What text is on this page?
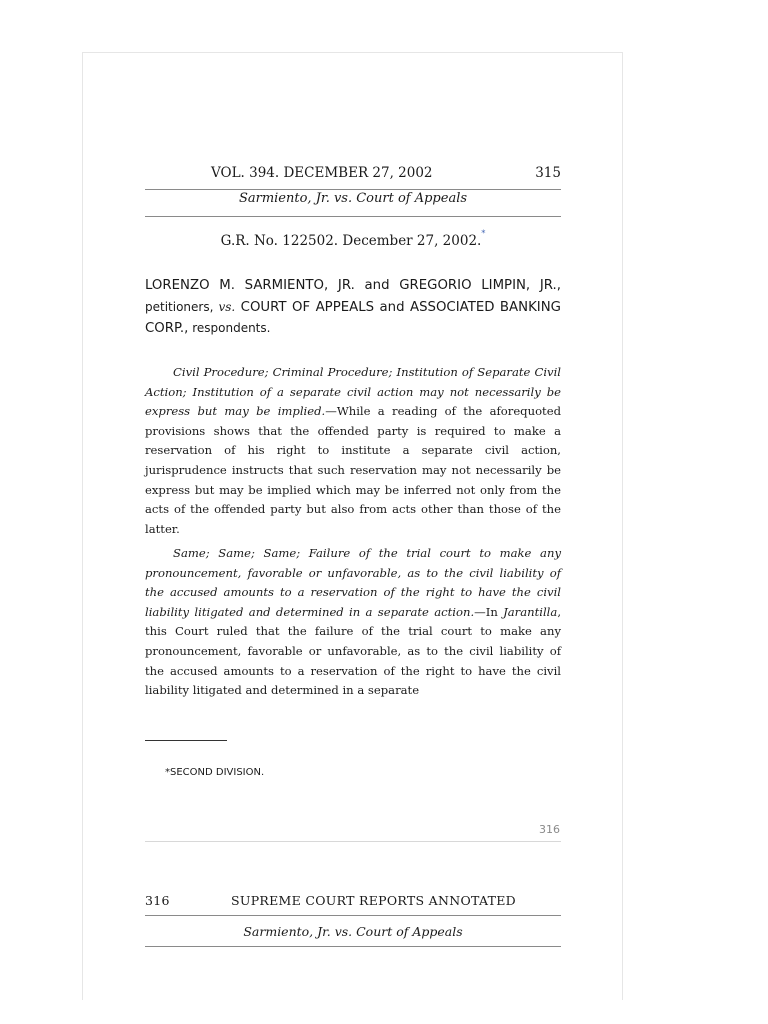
VOL. 394. DECEMBER 27, 2002	315
Sarmiento, Jr. vs. Court of Appeals
G.R. No. 122502. December 27, 2002.*
LORENZO M. SARMIENTO, JR. and GREGORIO LIMPIN, JR., petitioners, vs. COURT OF APPEALS and ASSOCIATED BANKING CORP., respondents.
Civil Procedure; Criminal Procedure; Institution of Separate Civil Action; Institution of a separate civil action may not necessarily be express but may be implied.—While a reading of the aforequoted provisions shows that the offended party is required to make a reservation of his right to institute a separate civil action, jurisprudence instructs that such reservation may not necessarily be express but may be implied which may be inferred not only from the acts of the offended party but also from acts other than those of the latter.
Same; Same; Same; Failure of the trial court to make any pronouncement, favorable or unfavorable, as to the civil liability of the accused amounts to a reservation of the right to have the civil liability litigated and determined in a separate action.—In Jarantilla, this Court ruled that the failure of the trial court to make any pronouncement, favorable or unfavorable, as to the civil liability of the accused amounts to a reservation of the right to have the civil liability litigated and determined in a separate
*SECOND DIVISION.
316
316	SUPREME COURT REPORTS ANNOTATED
Sarmiento, Jr. vs. Court of Appeals
